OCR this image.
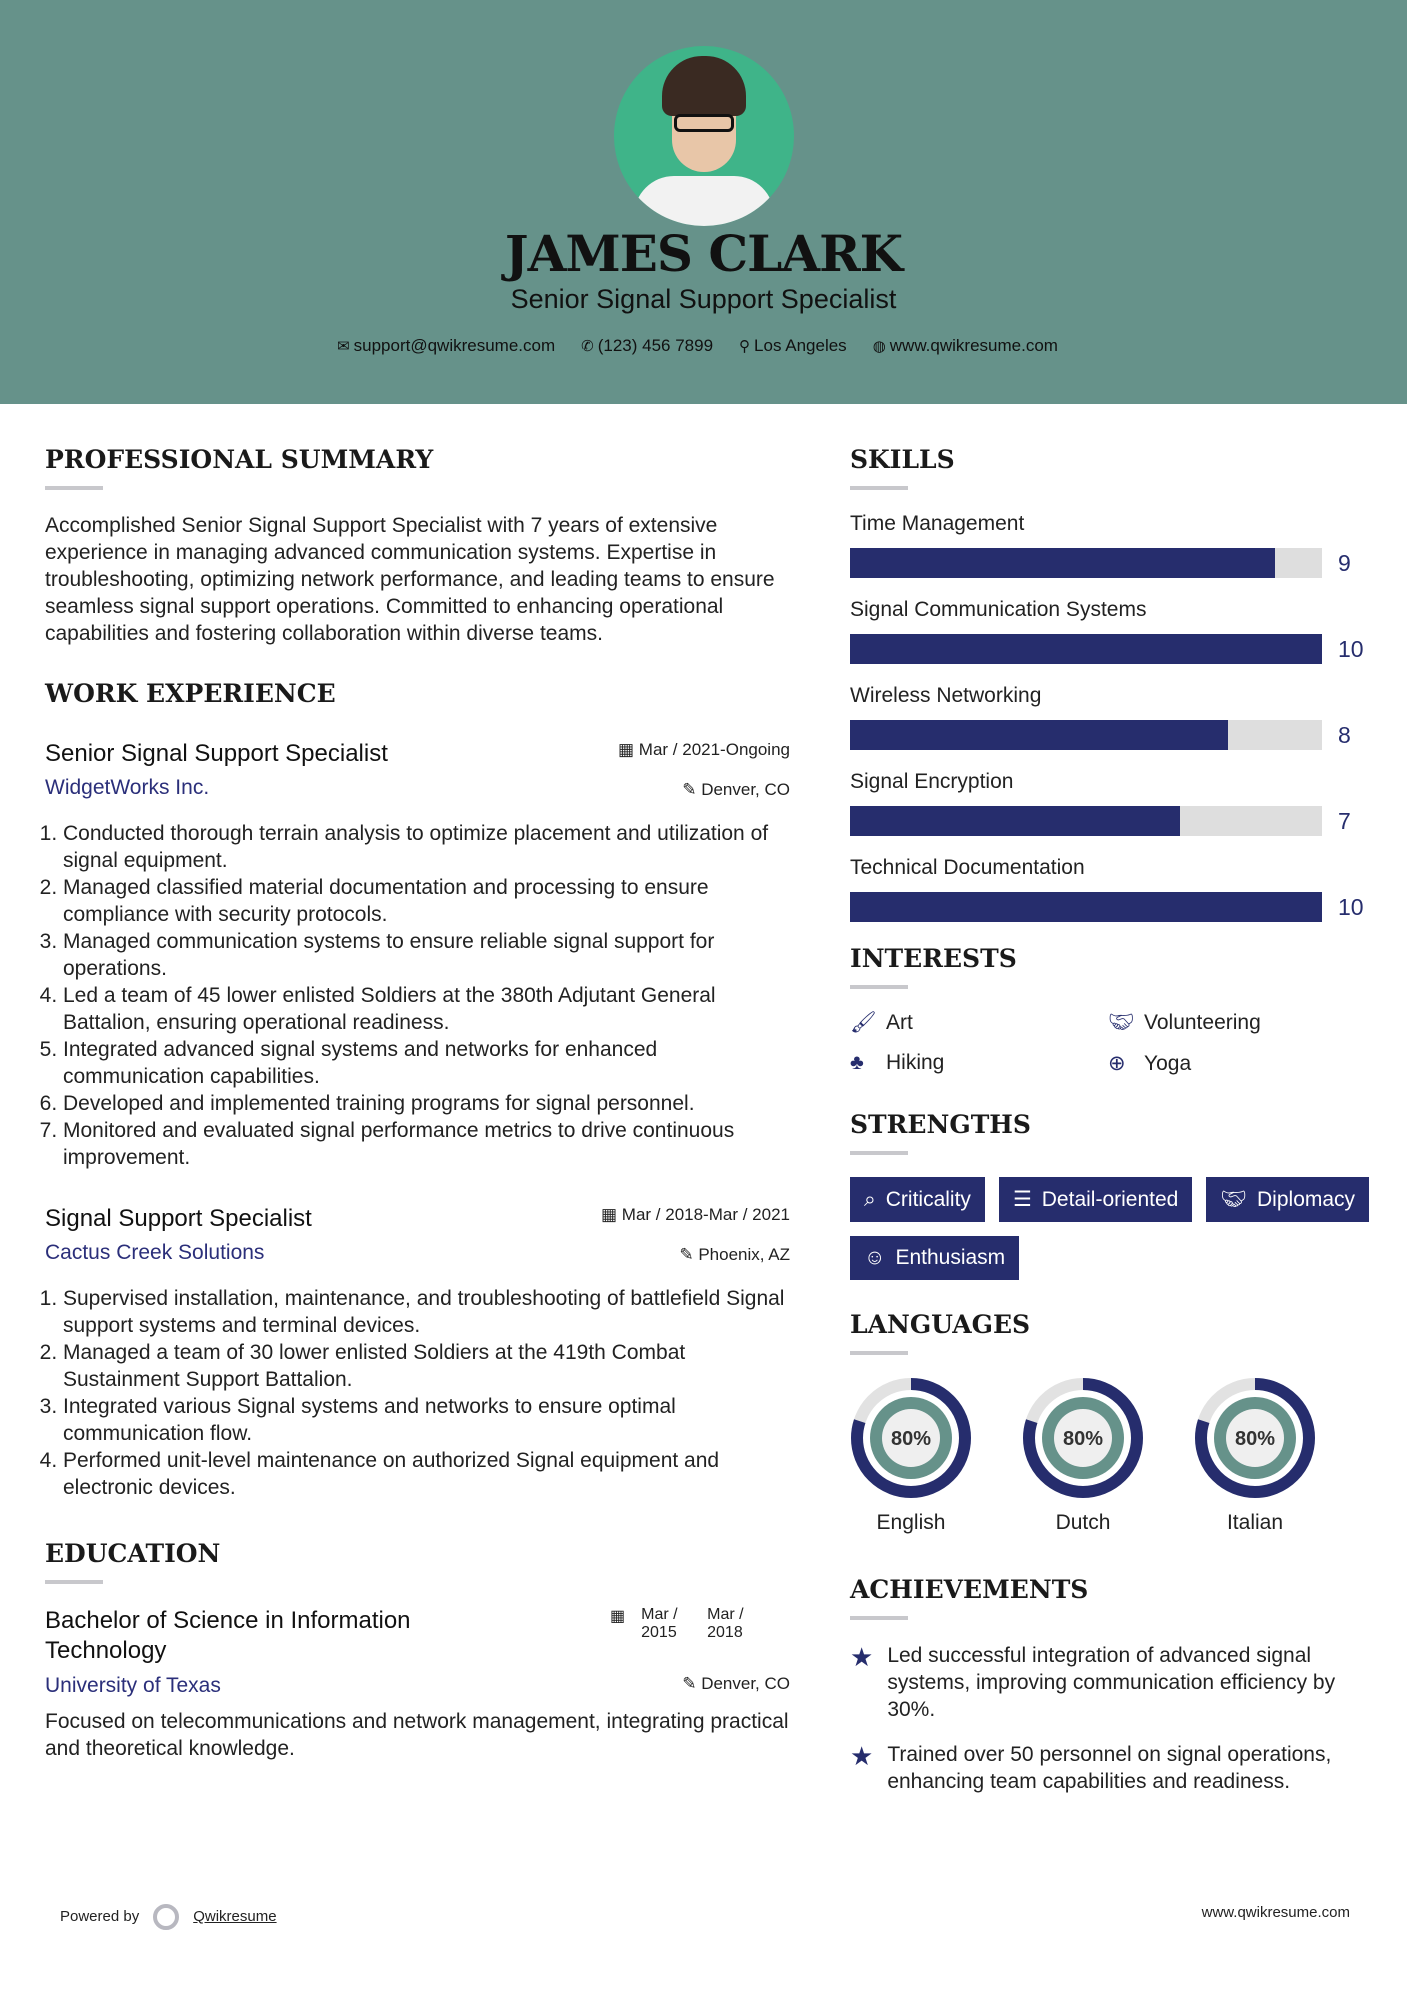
JAMES CLARK
Senior Signal Support Specialist
✉ support@qwikresume.com ✆ (123) 456 7899 ⚲ Los Angeles ◍ www.qwikresume.com
PROFESSIONAL SUMMARY

Accomplished Senior Signal Support Specialist with 7 years of extensive experience in managing advanced communication systems. Expertise in troubleshooting, optimizing network performance, and leading teams to ensure seamless signal support operations. Committed to enhancing operational capabilities and fostering collaboration within diverse teams.

WORK EXPERIENCE
Senior Signal Support Specialist	▦ Mar / 2021-Ongoing
WidgetWorks Inc.	✎ Denver, CO
1. Conducted thorough terrain analysis to optimize placement and utilization of signal equipment.
2. Managed classified material documentation and processing to ensure compliance with security protocols.
3. Managed communication systems to ensure reliable signal support for operations.
4. Led a team of 45 lower enlisted Soldiers at the 380th Adjutant General Battalion, ensuring operational readiness.
5. Integrated advanced signal systems and networks for enhanced communication capabilities.
6. Developed and implemented training programs for signal personnel.
7. Monitored and evaluated signal performance metrics to drive continuous improvement.
Signal Support Specialist	▦ Mar / 2018-Mar / 2021
Cactus Creek Solutions	✎ Phoenix, AZ
1. Supervised installation, maintenance, and troubleshooting of battlefield Signal support systems and terminal devices.
2. Managed a team of 30 lower enlisted Soldiers at the 419th Combat Sustainment Support Battalion.
3. Integrated various Signal systems and networks to ensure optimal communication flow.
4. Performed unit-level maintenance on authorized Signal equipment and electronic devices.
EDUCATION
Bachelor of Science in Information Technology
▦ Mar / 2015
Mar / 2018
University of Texas	✎ Denver, CO

Focused on telecommunications and network management, integrating practical and theoretical knowledge.

SKILLS
Time Management
9
Signal Communication Systems
10
Wireless Networking
8
Signal Encryption
7
Technical Documentation
10
INTERESTS
🖌︎ Art	🤝︎ Volunteering
♣ Hiking	⊕ Yoga
STRENGTHS
⌕ Criticality ☰ Detail-oriented 🤝︎ Diplomacy
☺ Enthusiasm
LANGUAGES
80%
English
80%
Dutch
80%
Italian
ACHIEVEMENTS
★ Led successful integration of advanced signal systems, improving communication efficiency by 30%.

★ Trained over 50 personnel on signal operations, enhancing team capabilities and readiness.

Powered by	Qwikresume	www.qwikresume.com
